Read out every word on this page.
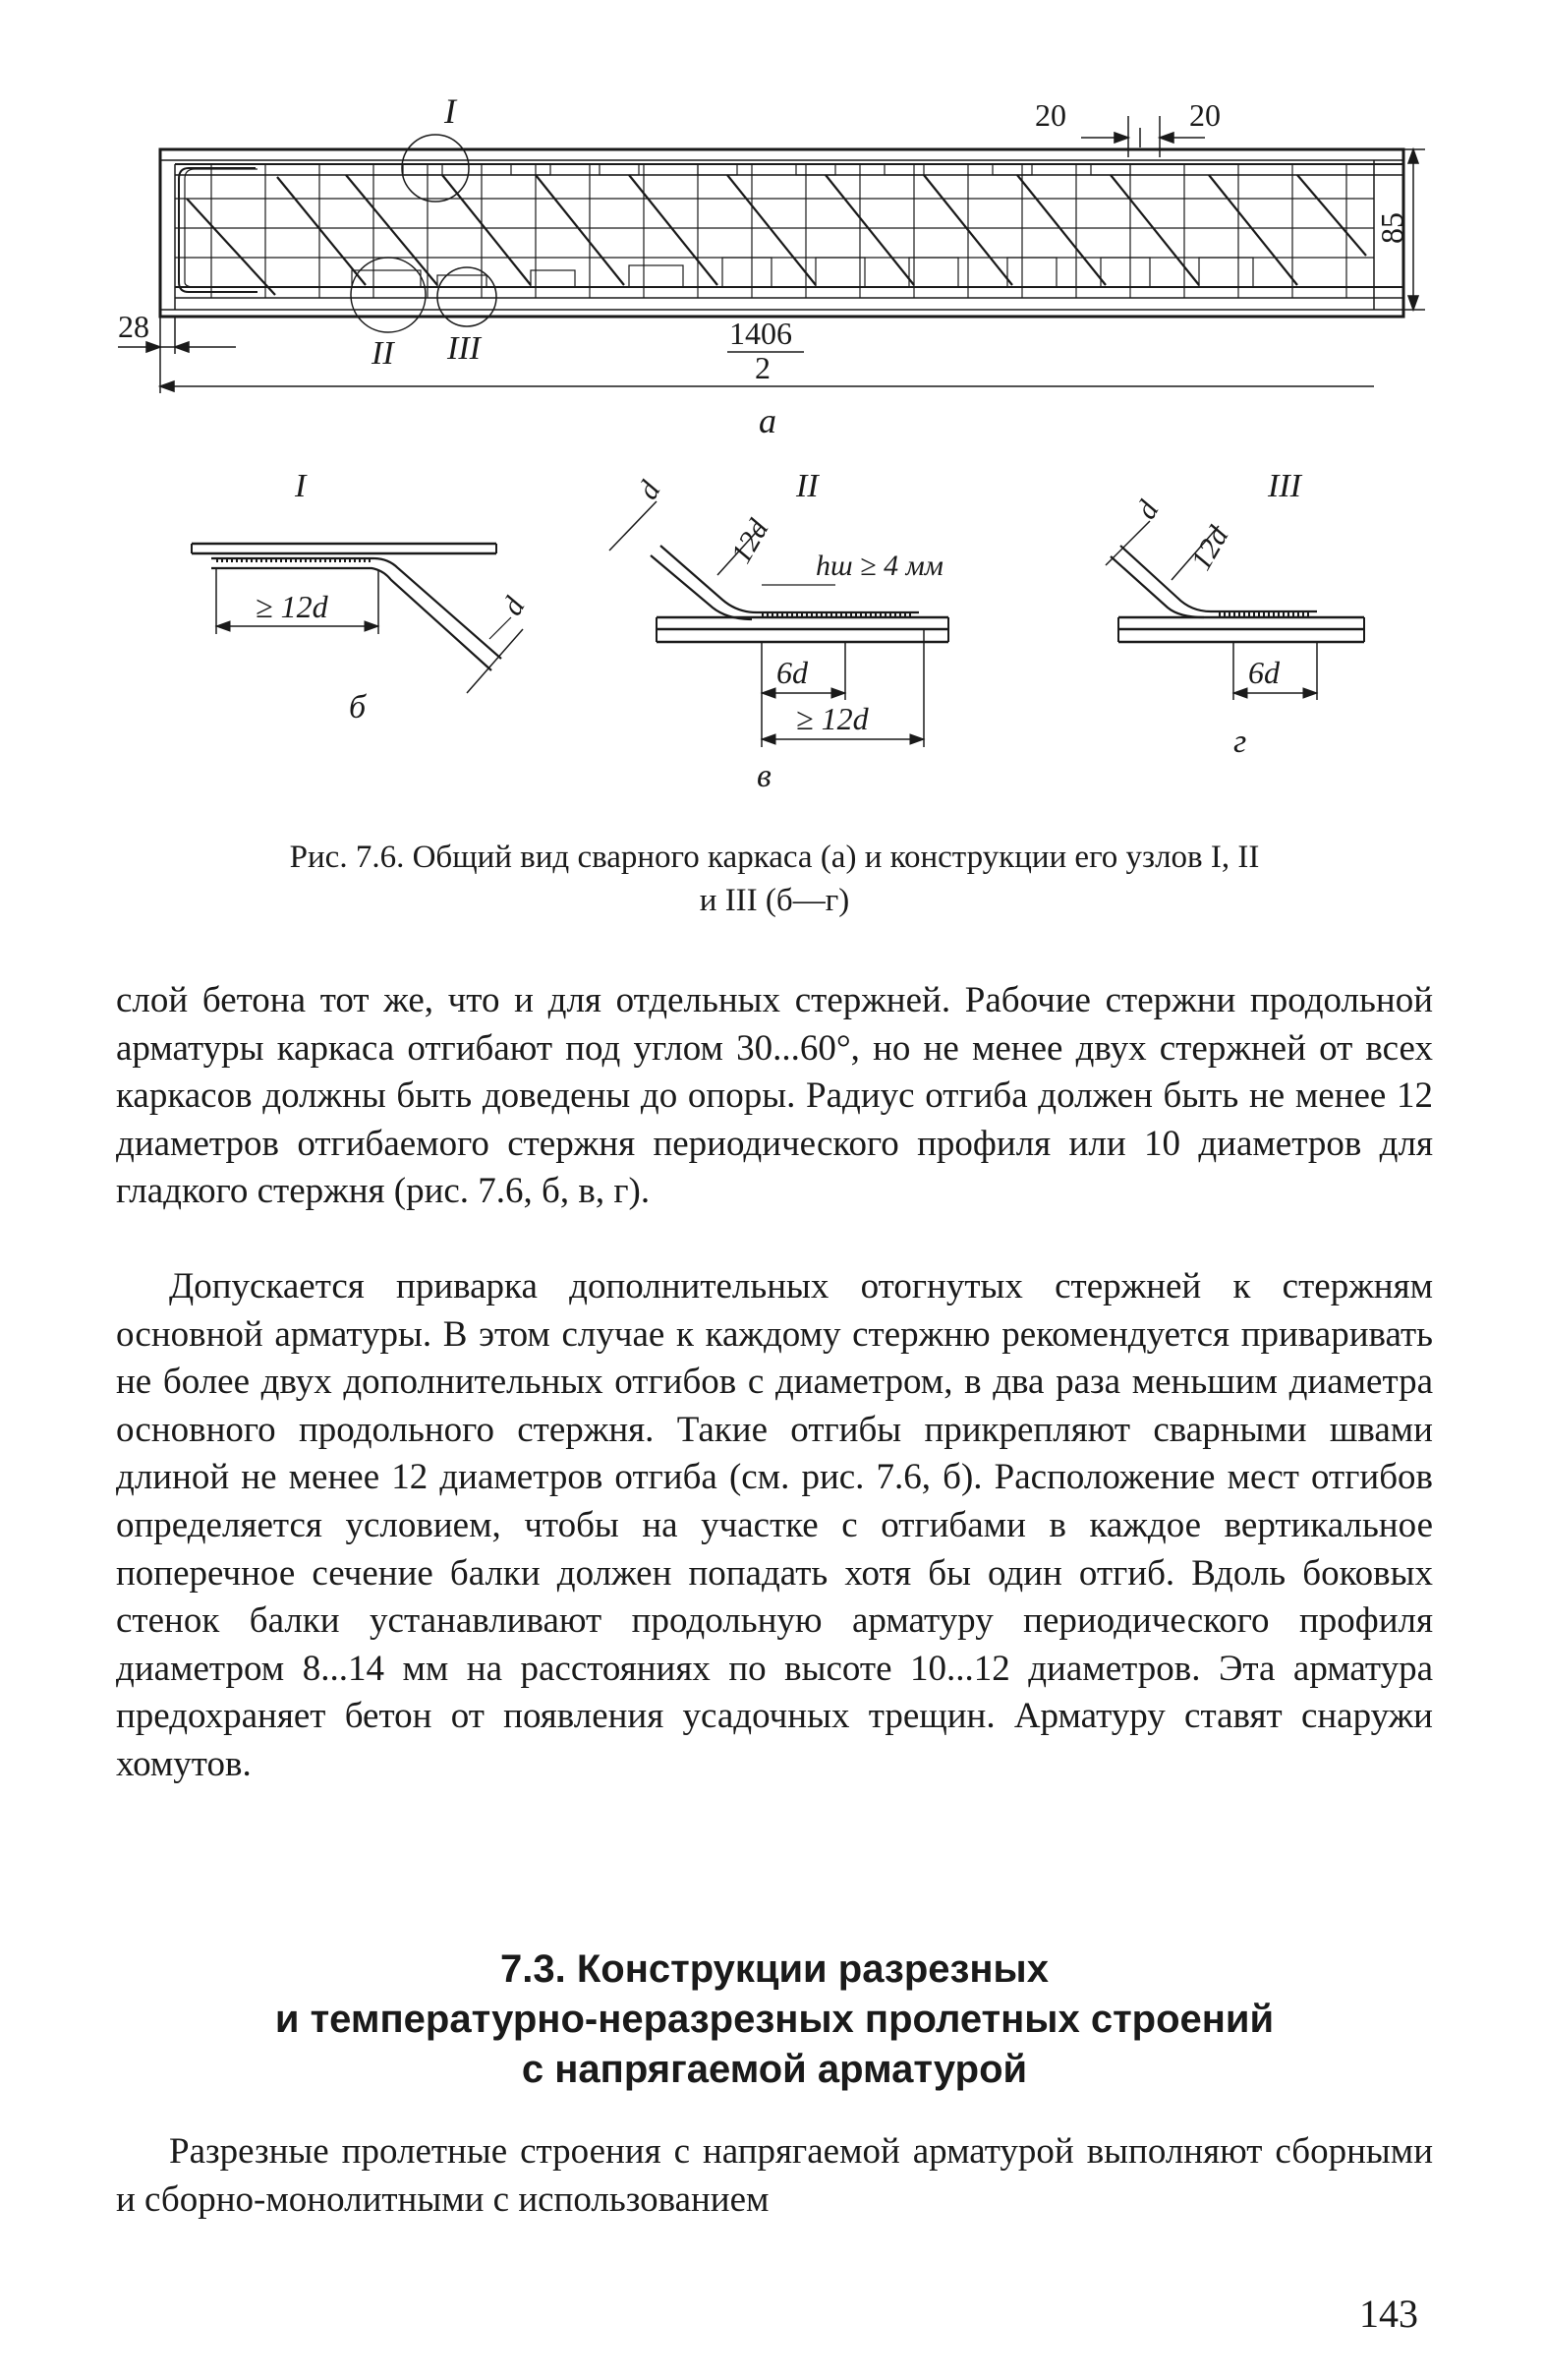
I
II III
20	20
85
28	1406
2
а
I
≥ 12d	d
б
II
d
12d hш ≥ 4 мм
6d
≥ 12d
в
III
d
12d
6d
г
Рис. 7.6. Общий вид сварного каркаса (а) и конструкции его узлов I, II
и III (б—г)

слой бетона тот же, что и для отдельных стержней. Рабочие стержни продольной арматуры каркаса отгибают под углом 30...60°, но не менее двух стержней от всех каркасов должны быть доведены до опоры. Радиус отгиба должен быть не менее 12 диаметров отгибаемого стержня периодического профиля или 10 диаметров для гладкого стержня (рис. 7.6, б, в, г).

Допускается приварка дополнительных отогнутых стержней к стержням основной арматуры. В этом случае к каждому стержню рекомендуется приваривать не более двух дополнительных отгибов с диаметром, в два раза меньшим диаметра основного продольного стержня. Такие отгибы прикрепляют сварными швами длиной не менее 12 диаметров отгиба (см. рис. 7.6, б). Расположение мест отгибов определяется условием, чтобы на участке с отгибами в каждое вертикальное поперечное сечение балки должен попадать хотя бы один отгиб. Вдоль боковых стенок балки устанавливают продольную арматуру периодического профиля диаметром 8...14 мм на расстояниях по высоте 10...12 диаметров. Эта арматура предохраняет бетон от появления усадочных трещин. Арматуру ставят снаружи хомутов.

7.3. Конструкции разрезных
и температурно-неразрезных пролетных строений
с напрягаемой арматурой

Разрезные пролетные строения с напрягаемой арматурой выполняют сборными и сборно-монолитными с использованием

143
